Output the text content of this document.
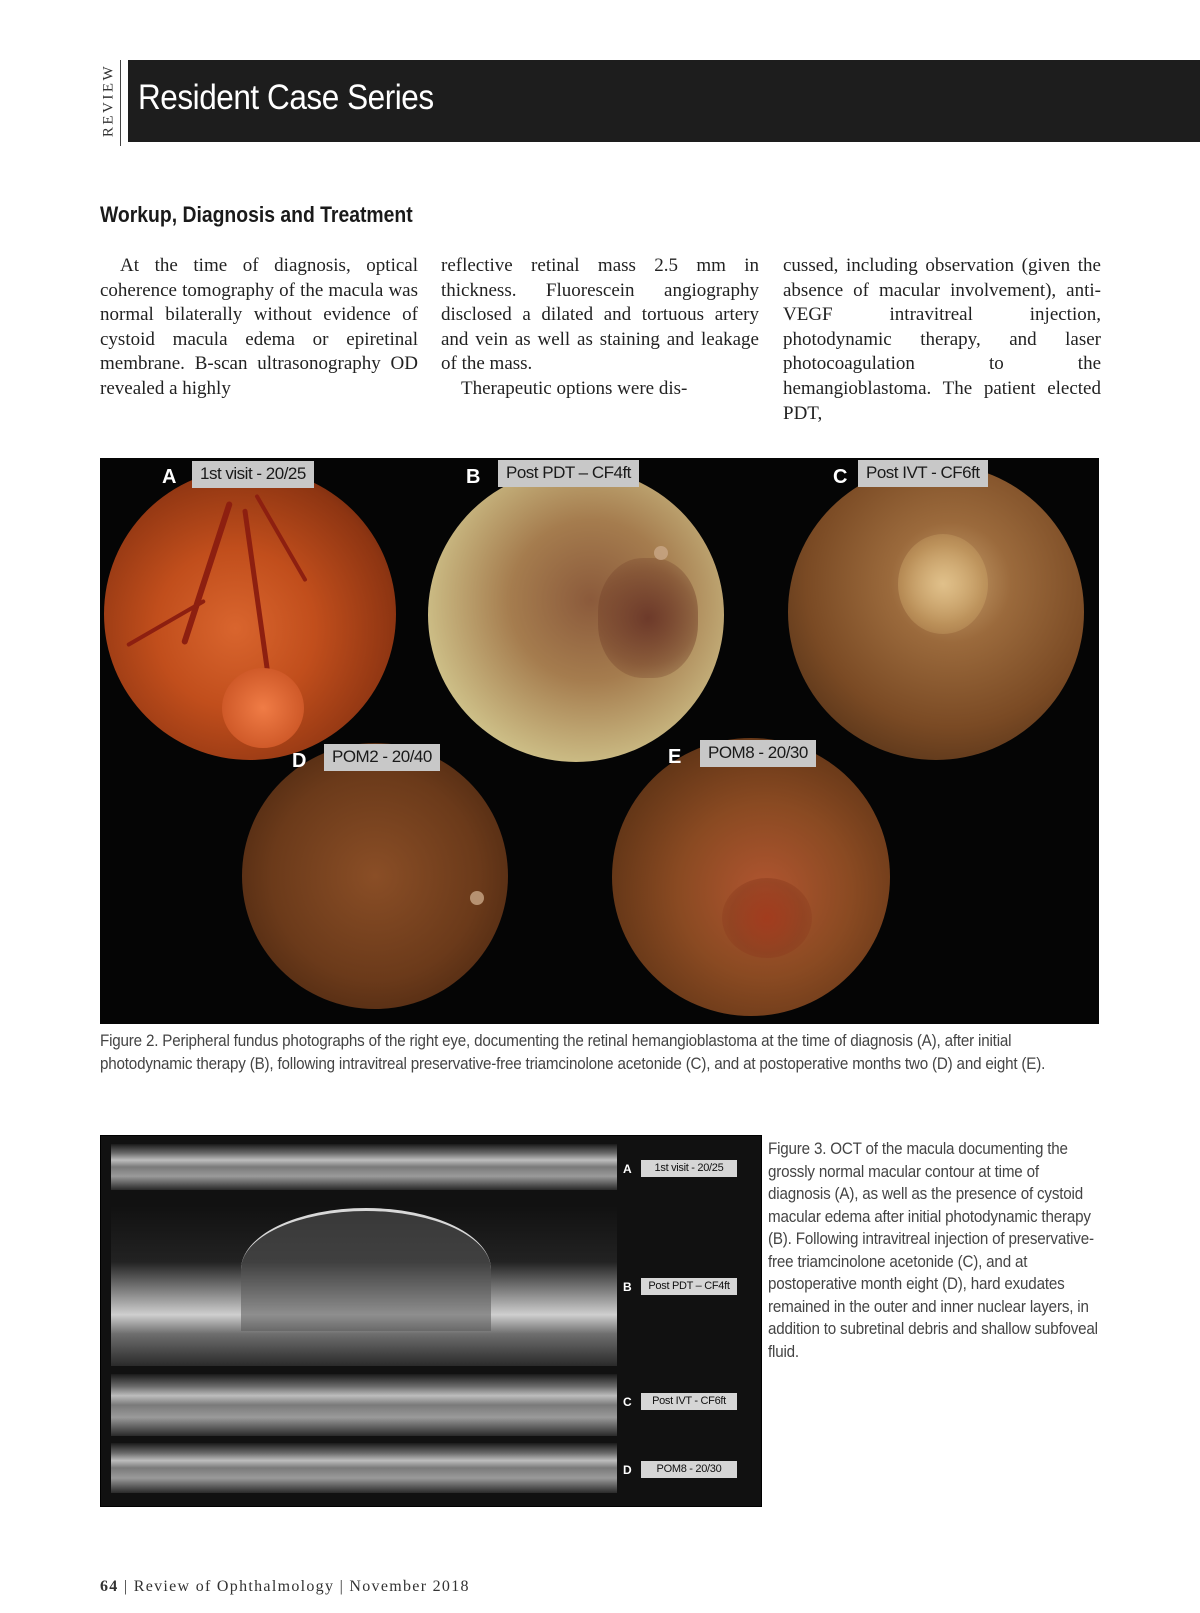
REVIEW Resident Case Series
Workup, Diagnosis and Treatment

At the time of diagnosis, optical coherence tomography of the macula was normal bilaterally without evidence of cystoid macula edema or epiretinal membrane. B-scan ultrasonography OD revealed a highly

reflective retinal mass 2.5 mm in thickness. Fluorescein angiography disclosed a dilated and tortuous artery and vein as well as staining and leakage of the mass.

Therapeutic options were dis-

cussed, including observation (given the absence of macular involvement), anti-VEGF intravitreal injection, photodynamic therapy, and laser photocoagulation to the hemangioblastoma. The patient elected PDT,

A	1st visit - 20/25	B	Post PDT – CF4ft	C	Post IVT - CF6ft
D	POM2 - 20/40	E	POM8 - 20/30
Figure 2. Peripheral fundus photographs of the right eye, documenting the retinal hemangioblastoma at the time of diagnosis (A), after initial photodynamic therapy (B), following intravitreal preservative-free triamcinolone acetonide (C), and at postoperative months two (D) and eight (E).
A	1st visit - 20/25
B	Post PDT – CF4ft
C	Post IVT - CF6ft
D	POM8 - 20/30
Figure 3. OCT of the macula documenting the grossly normal macular contour at time of diagnosis (A), as well as the presence of cystoid macular edema after initial photodynamic therapy (B). Following intravitreal injection of preservative-free triamcinolone acetonide (C), and at postoperative month eight (D), hard exudates remained in the outer and inner nuclear layers, in addition to subretinal debris and shallow subfoveal fluid.
64 | Review of Ophthalmology | November 2018
